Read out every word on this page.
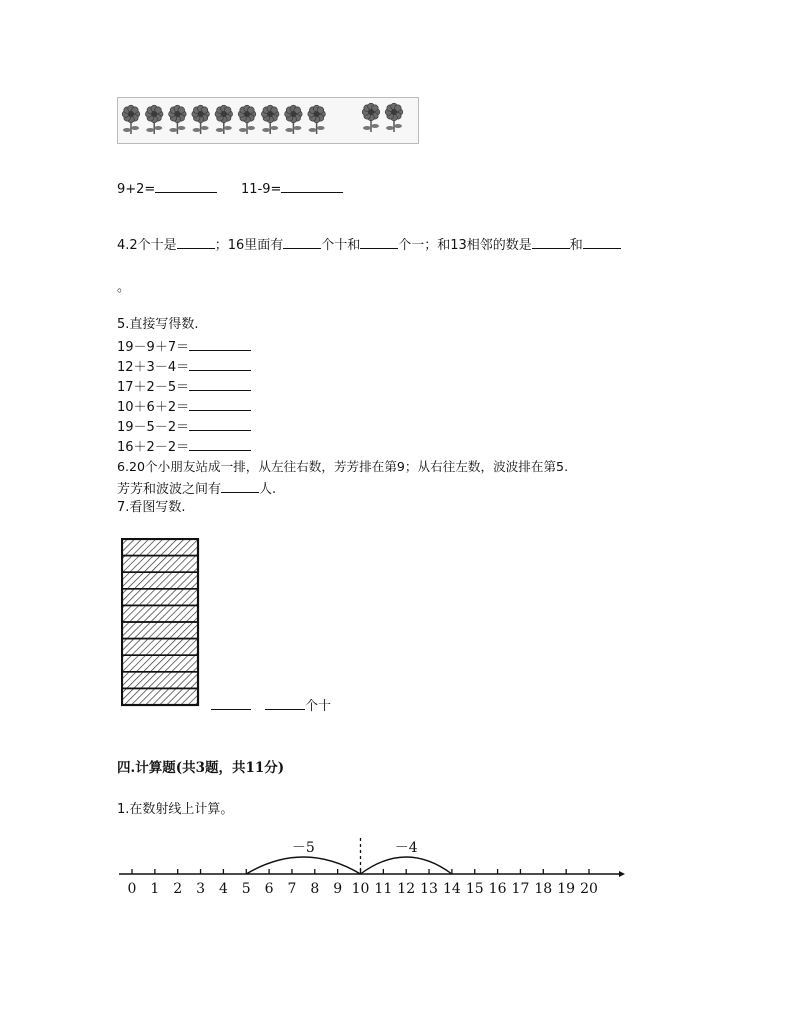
9+2=	11-9=
4.2个十是	；16里面有	个十和	个一；和13相邻的数是	和
。
5.直接写得数.
19－9＋7＝
12＋3－4＝
17＋2－5＝
10＋6＋2＝
19－5－2＝
16＋2－2＝
6.20个小朋友站成一排，从左往右数，芳芳排在第9；从右往左数，波波排在第5.
芳芳和波波之间有	人.
7.看图写数.
个十
四.计算题(共3题，共11分)
1.在数射线上计算。
0 1 2 3 4 5 6 7 8 9 10 11 12 13 14 15 16 17 18 19 20
－5	－4
